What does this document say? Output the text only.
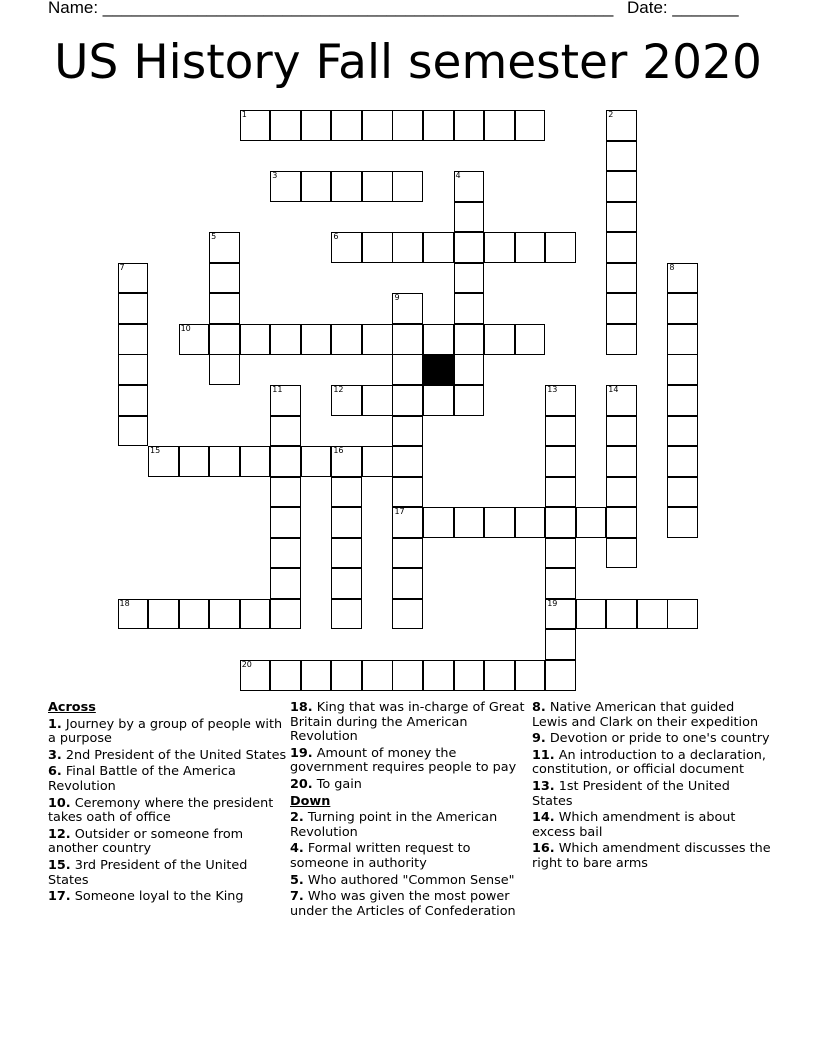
Name: ______________________________________________________ Date: _______
US History Fall semester 2020
1	2
3	4
5	6
7	8
9
17
10
11	12	13
19
14
15	16
18
20
Across
1. Journey by a group of people with a purpose
3. 2nd President of the United States
6. Final Battle of the America Revolution
10. Ceremony where the president takes oath of office
12. Outsider or someone from another country
15. 3rd President of the United States
17. Someone loyal to the King
18. King that was in-charge of Great Britain during the American Revolution
19. Amount of money the government requires people to pay
20. To gain
Down
2. Turning point in the American Revolution
4. Formal written request to someone in authority
5. Who authored "Common Sense"
7. Who was given the most power under the Articles of Confederation
8. Native American that guided Lewis and Clark on their expedition
9. Devotion or pride to one's country
11. An introduction to a declaration, constitution, or official document
13. 1st President of the United States
14. Which amendment is about excess bail
16. Which amendment discusses the right to bare arms
